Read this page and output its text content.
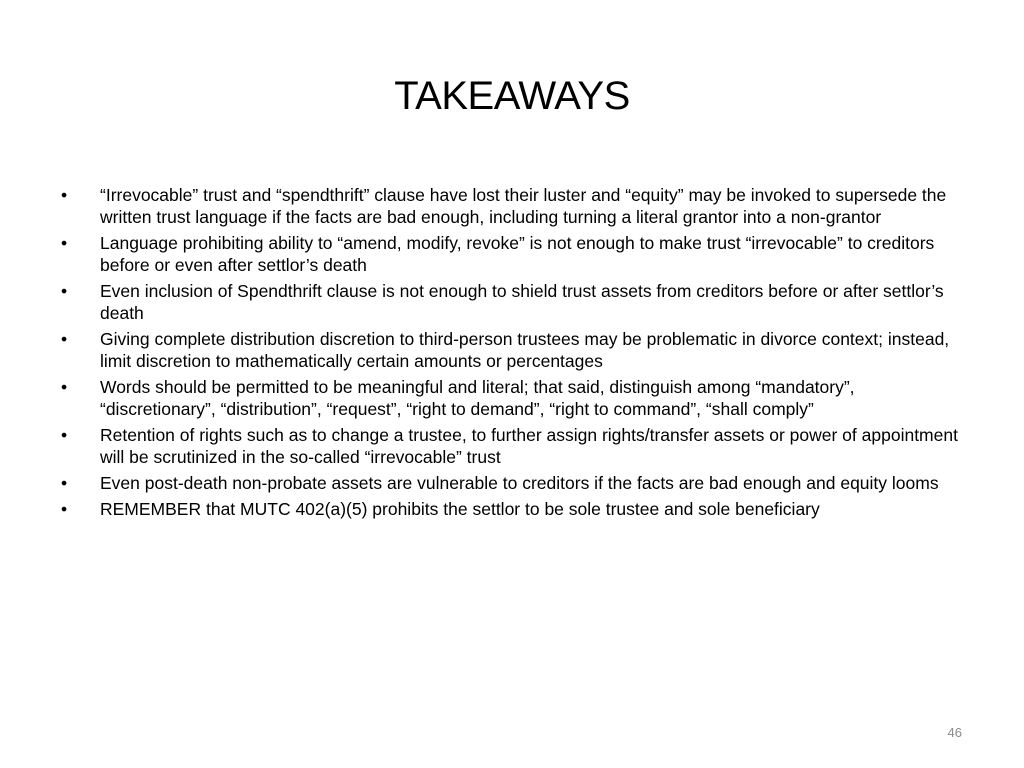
TAKEAWAYS
•	“Irrevocable” trust and “spendthrift” clause have lost their luster and “equity” may be invoked to supersede the written trust language if the facts are bad enough, including turning a literal grantor into a non-grantor
•	Language prohibiting ability to “amend, modify, revoke” is not enough to make trust “irrevocable” to creditors before or even after settlor’s death
•	Even inclusion of Spendthrift clause is not enough to shield trust assets from creditors before or after settlor’s death
•	Giving complete distribution discretion to third-person trustees may be problematic in divorce context; instead, limit discretion to mathematically certain amounts or percentages
•	Words should be permitted to be meaningful and literal; that said, distinguish among “mandatory”, “discretionary”, “distribution”, “request”, “right to demand”, “right to command”, “shall comply”
•	Retention of rights such as to change a trustee, to further assign rights/transfer assets or power of appointment will be scrutinized in the so-called “irrevocable” trust
•	Even post-death non-probate assets are vulnerable to creditors if the facts are bad enough and equity looms
•	REMEMBER that MUTC 402(a)(5) prohibits the settlor to be sole trustee and sole beneficiary
46
